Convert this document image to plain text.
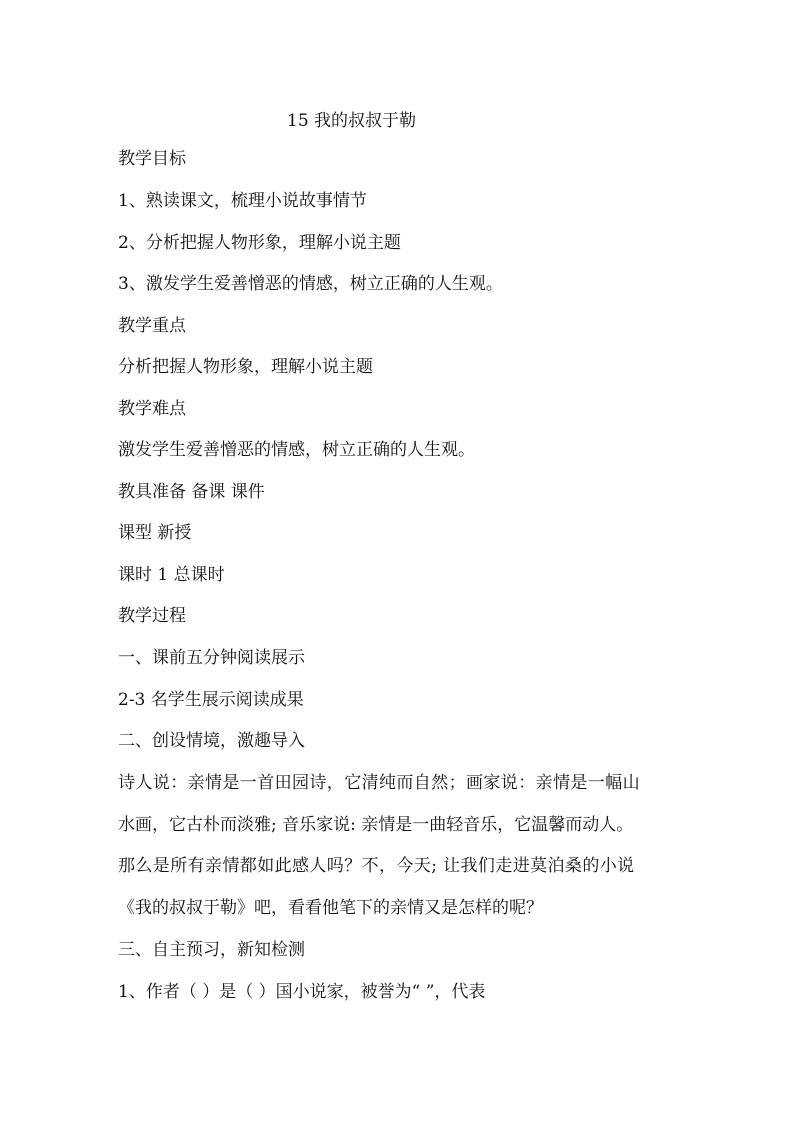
15 我的叔叔于勒
教学目标
1、熟读课文，梳理小说故事情节
2、分析把握人物形象，理解小说主题
3、激发学生爱善憎恶的情感，树立正确的人生观。
教学重点
分析把握人物形象，理解小说主题
教学难点
激发学生爱善憎恶的情感，树立正确的人生观。
教具准备 备课 课件
课型 新授
课时 1 总课时
教学过程
一、课前五分钟阅读展示
2-3 名学生展示阅读成果
二、创设情境，激趣导入
诗人说：亲情是一首田园诗，它清纯而自然；画家说：亲情是一幅山
水画，它古朴而淡雅; 音乐家说: 亲情是一曲轻音乐，它温馨而动人。
那么是所有亲情都如此感人吗？不，今天; 让我们走进莫泊桑的小说
《我的叔叔于勒》吧，看看他笔下的亲情又是怎样的呢？
三、自主预习，新知检测
1、作者（ ）是（ ）国小说家，被誉为“ ”，代表
